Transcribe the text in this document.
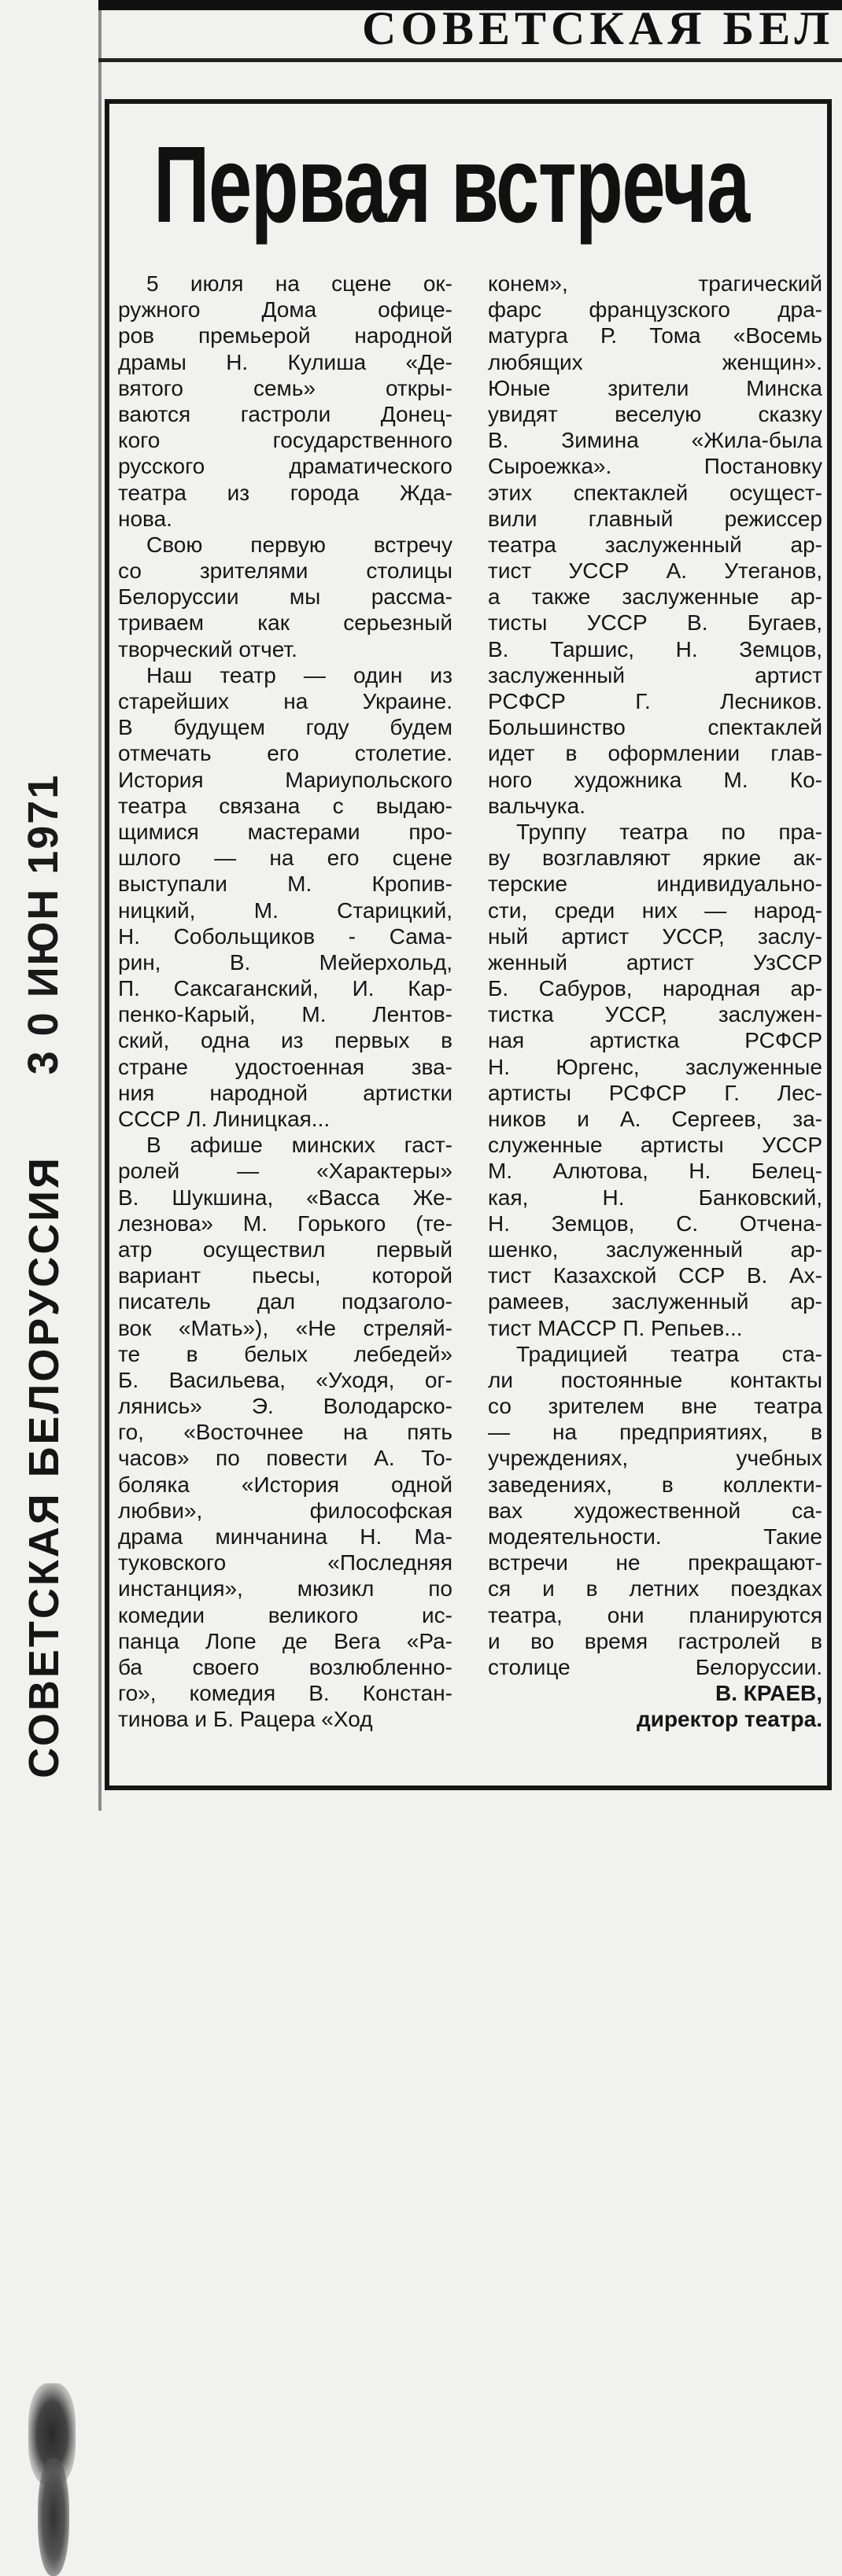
СОВЕТСКАЯ БЕЛ
Первая встреча
5 июля на сцене ок-
ружного Дома офице-
ров премьерой народной
драмы Н. Кулиша «Де-
вятого семь» откры-
ваются гастроли Донец-
кого государственного
русского драматического
театра из города Жда-
нова.
Свою первую встречу
со зрителями столицы
Белоруссии мы рассма-
триваем как серьезный
творческий отчет.
Наш театр — один из
старейших на Украине.
В будущем году будем
отмечать его столетие.
История Мариупольского
театра связана с выдаю-
щимися мастерами про-
шлого — на его сцене
выступали М. Кропив-
ницкий, М. Старицкий,
Н. Собольщиков - Сама-
рин, В. Мейерхольд,
П. Саксаганский, И. Кар-
пенко-Карый, М. Лентов-
ский, одна из первых в
стране удостоенная зва-
ния народной артистки
СССР Л. Линицкая...
В афише минских гаст-
ролей — «Характеры»
В. Шукшина, «Васса Же-
лезнова» М. Горького (те-
атр осуществил первый
вариант пьесы, которой
писатель дал подзаголо-
вок «Мать»), «Не стреляй-
те в белых лебедей»
Б. Васильева, «Уходя, ог-
лянись» Э. Володарско-
го, «Восточнее на пять
часов» по повести А. То-
боляка «История одной
любви», философская
драма минчанина Н. Ма-
туковского «Последняя
инстанция», мюзикл по
комедии великого ис-
панца Лопе де Вега «Ра-
ба своего возлюбленно-
го», комедия В. Констан-
тинова и Б. Рацера «Ход
конем», трагический
фарс французского дра-
матурга Р. Тома «Восемь
любящих женщин».
Юные зрители Минска
увидят веселую сказку
В. Зимина «Жила-была
Сыроежка». Постановку
этих спектаклей осущест-
вили главный режиссер
театра заслуженный ар-
тист УССР А. Утеганов,
а также заслуженные ар-
тисты УССР В. Бугаев,
В. Таршис, Н. Земцов,
заслуженный артист
РСФСР Г. Лесников.
Большинство спектаклей
идет в оформлении глав-
ного художника М. Ко-
вальчука.
Труппу театра по пра-
ву возглавляют яркие ак-
терские индивидуально-
сти, среди них — народ-
ный артист УССР, заслу-
женный артист УзССР
Б. Сабуров, народная ар-
тистка УССР, заслужен-
ная артистка РСФСР
Н. Юргенс, заслуженные
артисты РСФСР Г. Лес-
ников и А. Сергеев, за-
служенные артисты УССР
М. Алютова, Н. Белец-
кая, Н. Банковский,
Н. Земцов, С. Отчена-
шенко, заслуженный ар-
тист Казахской ССР В. Ах-
рамеев, заслуженный ар-
тист МАССР П. Репьев...
Традицией театра ста-
ли постоянные контакты
со зрителем вне театра
— на предприятиях, в
учреждениях, учебных
заведениях, в коллекти-
вах художественной са-
модеятельности. Такие
встречи не прекращают-
ся и в летних поездках
театра, они планируются
и во время гастролей в
столице Белоруссии.
В. КРАЕВ,
директор театра.
3 0 ИЮН 1971
СОВЕТСКАЯ БЕЛОРУССИЯ
